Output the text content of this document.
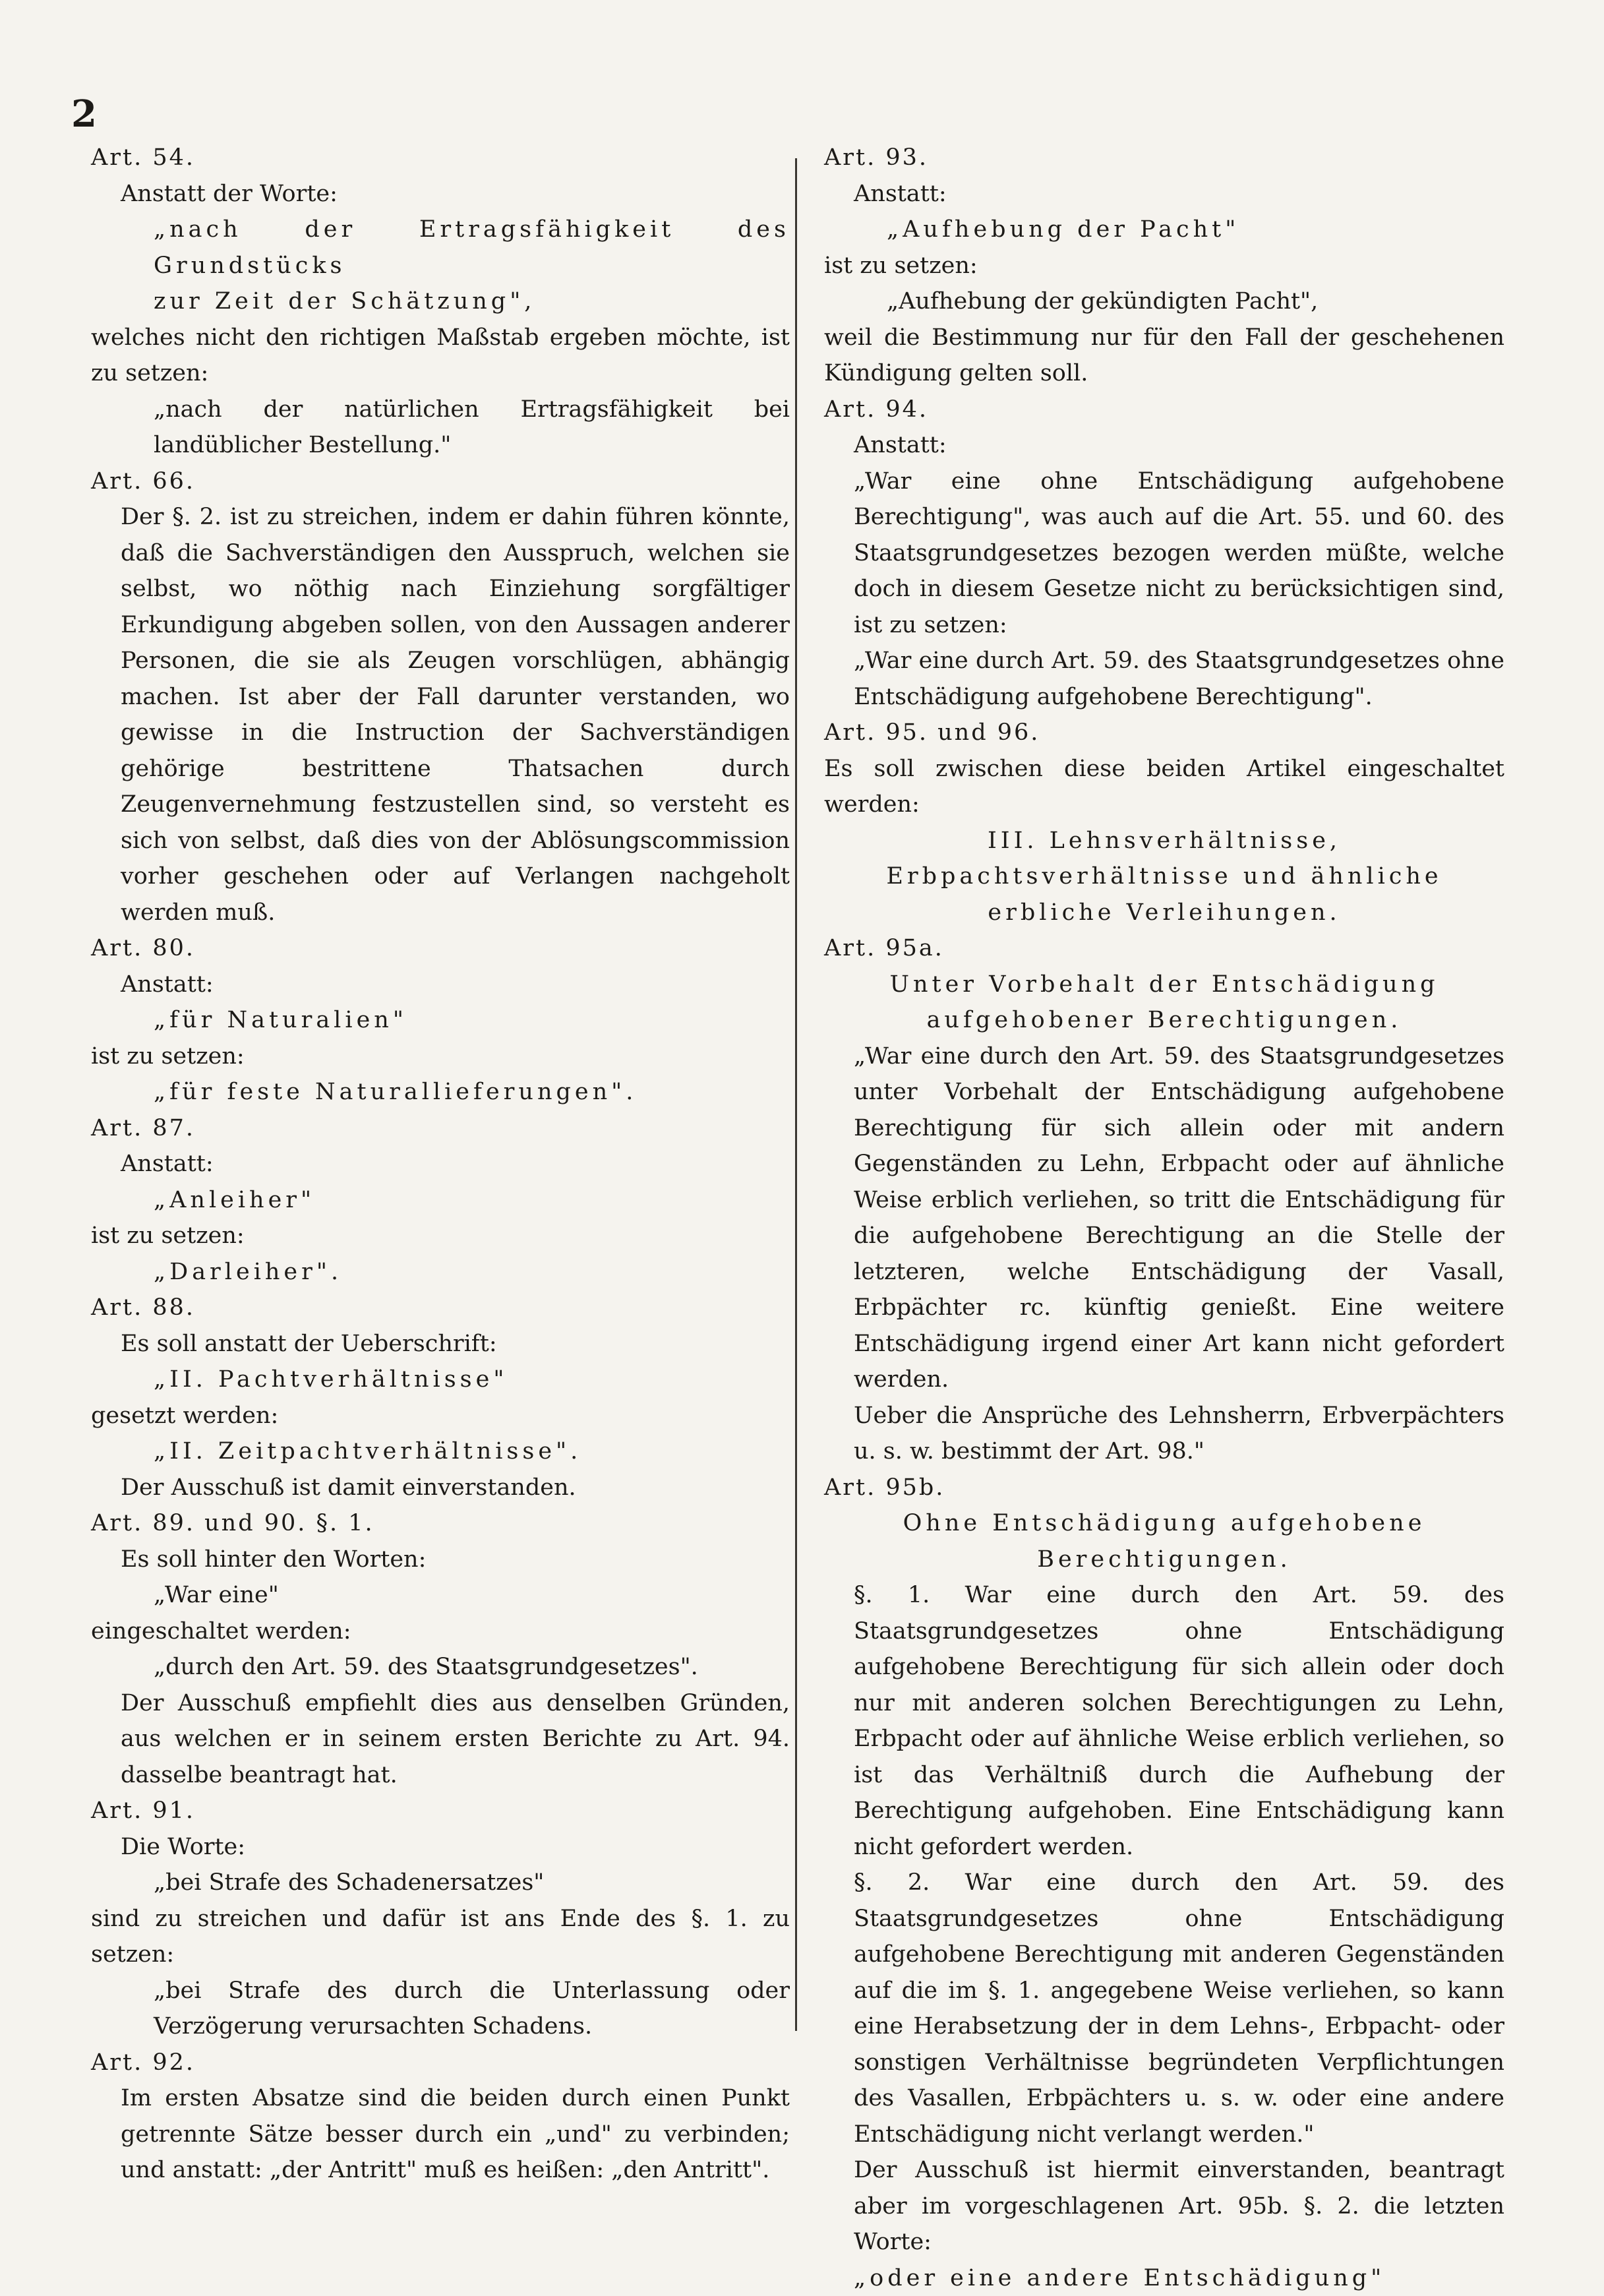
2

Art. 54.

Anstatt der Worte:

„nach der Ertragsfähigkeit des Grundstücks

zur Zeit der Schätzung",

welches nicht den richtigen Maßstab ergeben möchte, ist zu setzen:

„nach der natürlichen Ertragsfähigkeit bei landüblicher Bestellung."

Art. 66.

Der §. 2. ist zu streichen, indem er dahin führen könnte, daß die Sachverständigen den Ausspruch, welchen sie selbst, wo nöthig nach Einziehung sorgfältiger Erkundigung abgeben sollen, von den Aussagen anderer Personen, die sie als Zeugen vorschlügen, abhängig machen. Ist aber der Fall darunter verstanden, wo gewisse in die Instruction der Sachverständigen gehörige bestrittene Thatsachen durch Zeugenvernehmung festzustellen sind, so versteht es sich von selbst, daß dies von der Ablösungscommission vorher geschehen oder auf Verlangen nachgeholt werden muß.

Art. 80.

Anstatt:

„für Naturalien"

ist zu setzen:

„für feste Naturallieferungen".

Art. 87.

Anstatt:

„Anleiher"

ist zu setzen:

„Darleiher".

Art. 88.

Es soll anstatt der Ueberschrift:

„II. Pachtverhältnisse"

gesetzt werden:

„II. Zeitpachtverhältnisse".

Der Ausschuß ist damit einverstanden.

Art. 89. und 90. §. 1.

Es soll hinter den Worten:

„War eine"

eingeschaltet werden:

„durch den Art. 59. des Staatsgrundgesetzes".

Der Ausschuß empfiehlt dies aus denselben Gründen, aus welchen er in seinem ersten Berichte zu Art. 94. dasselbe beantragt hat.

Art. 91.

Die Worte:

„bei Strafe des Schadenersatzes"

sind zu streichen und dafür ist ans Ende des §. 1. zu setzen:

„bei Strafe des durch die Unterlassung oder Verzögerung verursachten Schadens.

Art. 92.

Im ersten Absatze sind die beiden durch einen Punkt getrennte Sätze besser durch ein „und" zu verbinden; und anstatt: „der Antritt" muß es heißen: „den Antritt".

Art. 93.

Anstatt:

„Aufhebung der Pacht"

ist zu setzen:

„Aufhebung der gekündigten Pacht",

weil die Bestimmung nur für den Fall der geschehenen Kündigung gelten soll.

Art. 94.

Anstatt:

„War eine ohne Entschädigung aufgehobene Berechtigung", was auch auf die Art. 55. und 60. des Staatsgrundgesetzes bezogen werden müßte, welche doch in diesem Gesetze nicht zu berücksichtigen sind, ist zu setzen:

„War eine durch Art. 59. des Staatsgrundgesetzes ohne Entschädigung aufgehobene Berechtigung".

Art. 95. und 96.

Es soll zwischen diese beiden Artikel eingeschaltet werden:

III. Lehnsverhältnisse, Erbpachtsverhältnisse und ähnliche erbliche Verleihungen.

Art. 95a.

Unter Vorbehalt der Entschädigung aufgehobener Berechtigungen.

„War eine durch den Art. 59. des Staatsgrundgesetzes unter Vorbehalt der Entschädigung aufgehobene Berechtigung für sich allein oder mit andern Gegenständen zu Lehn, Erbpacht oder auf ähnliche Weise erblich verliehen, so tritt die Entschädigung für die aufgehobene Berechtigung an die Stelle der letzteren, welche Entschädigung der Vasall, Erbpächter rc. künftig genießt. Eine weitere Entschädigung irgend einer Art kann nicht gefordert werden.

Ueber die Ansprüche des Lehnsherrn, Erbverpächters u. s. w. bestimmt der Art. 98."

Art. 95b.

Ohne Entschädigung aufgehobene Berechtigungen.

§. 1. War eine durch den Art. 59. des Staatsgrundgesetzes ohne Entschädigung aufgehobene Berechtigung für sich allein oder doch nur mit anderen solchen Berechtigungen zu Lehn, Erbpacht oder auf ähnliche Weise erblich verliehen, so ist das Verhältniß durch die Aufhebung der Berechtigung aufgehoben. Eine Entschädigung kann nicht gefordert werden.

§. 2. War eine durch den Art. 59. des Staatsgrundgesetzes ohne Entschädigung aufgehobene Berechtigung mit anderen Gegenständen auf die im §. 1. angegebene Weise verliehen, so kann eine Herabsetzung der in dem Lehns-, Erbpacht- oder sonstigen Verhältnisse begründeten Verpflichtungen des Vasallen, Erbpächters u. s. w. oder eine andere Entschädigung nicht verlangt werden."

Der Ausschuß ist hiermit einverstanden, beantragt aber im vorgeschlagenen Art. 95b. §. 2. die letzten Worte:

„oder eine andere Entschädigung"
